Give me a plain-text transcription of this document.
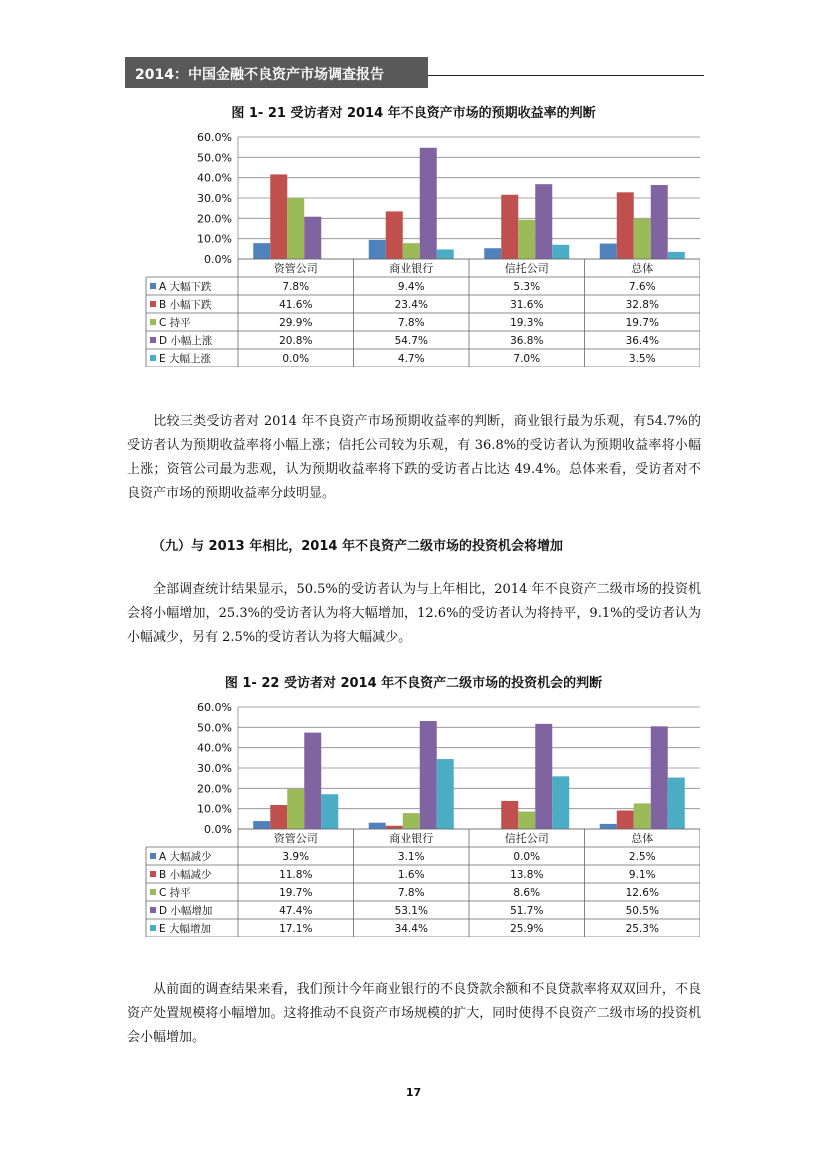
2014：中国金融不良资产市场调查报告
图 1- 21 受访者对 2014 年不良资产市场的预期收益率的判断
0.0%
10.0%
20.0%
30.0%
40.0%
50.0%
60.0%
资管公司	商业银行	信托公司	总体
A 大幅下跌	7.8%	9.4%	5.3%	7.6%
B 小幅下跌	41.6%	23.4%	31.6%	32.8%
C 持平	29.9%	7.8%	19.3%	19.7%
D 小幅上涨	20.8%	54.7%	36.8%	36.4%
E 大幅上涨	0.0%	4.7%	7.0%	3.5%
比较三类受访者对 2014 年不良资产市场预期收益率的判断，商业银行最为乐观，有54.7%的受访者认为预期收益率将小幅上涨；信托公司较为乐观，有 36.8%的受访者认为预期收益率将小幅上涨；资管公司最为悲观，认为预期收益率将下跌的受访者占比达 49.4%。总体来看，受访者对不良资产市场的预期收益率分歧明显。
（九）与 2013 年相比，2014 年不良资产二级市场的投资机会将增加
全部调查统计结果显示，50.5%的受访者认为与上年相比，2014 年不良资产二级市场的投资机会将小幅增加，25.3%的受访者认为将大幅增加，12.6%的受访者认为将持平，9.1%的受访者认为小幅减少，另有 2.5%的受访者认为将大幅减少。
图 1- 22 受访者对 2014 年不良资产二级市场的投资机会的判断
0.0%
10.0%
20.0%
30.0%
40.0%
50.0%
60.0%
资管公司	商业银行	信托公司	总体
A 大幅减少	3.9%	3.1%	0.0%	2.5%
B 小幅减少	11.8%	1.6%	13.8%	9.1%
C 持平	19.7%	7.8%	8.6%	12.6%
D 小幅增加	47.4%	53.1%	51.7%	50.5%
E 大幅增加	17.1%	34.4%	25.9%	25.3%
从前面的调查结果来看，我们预计今年商业银行的不良贷款余额和不良贷款率将双双回升，不良资产处置规模将小幅增加。这将推动不良资产市场规模的扩大，同时使得不良资产二级市场的投资机会小幅增加。
17
